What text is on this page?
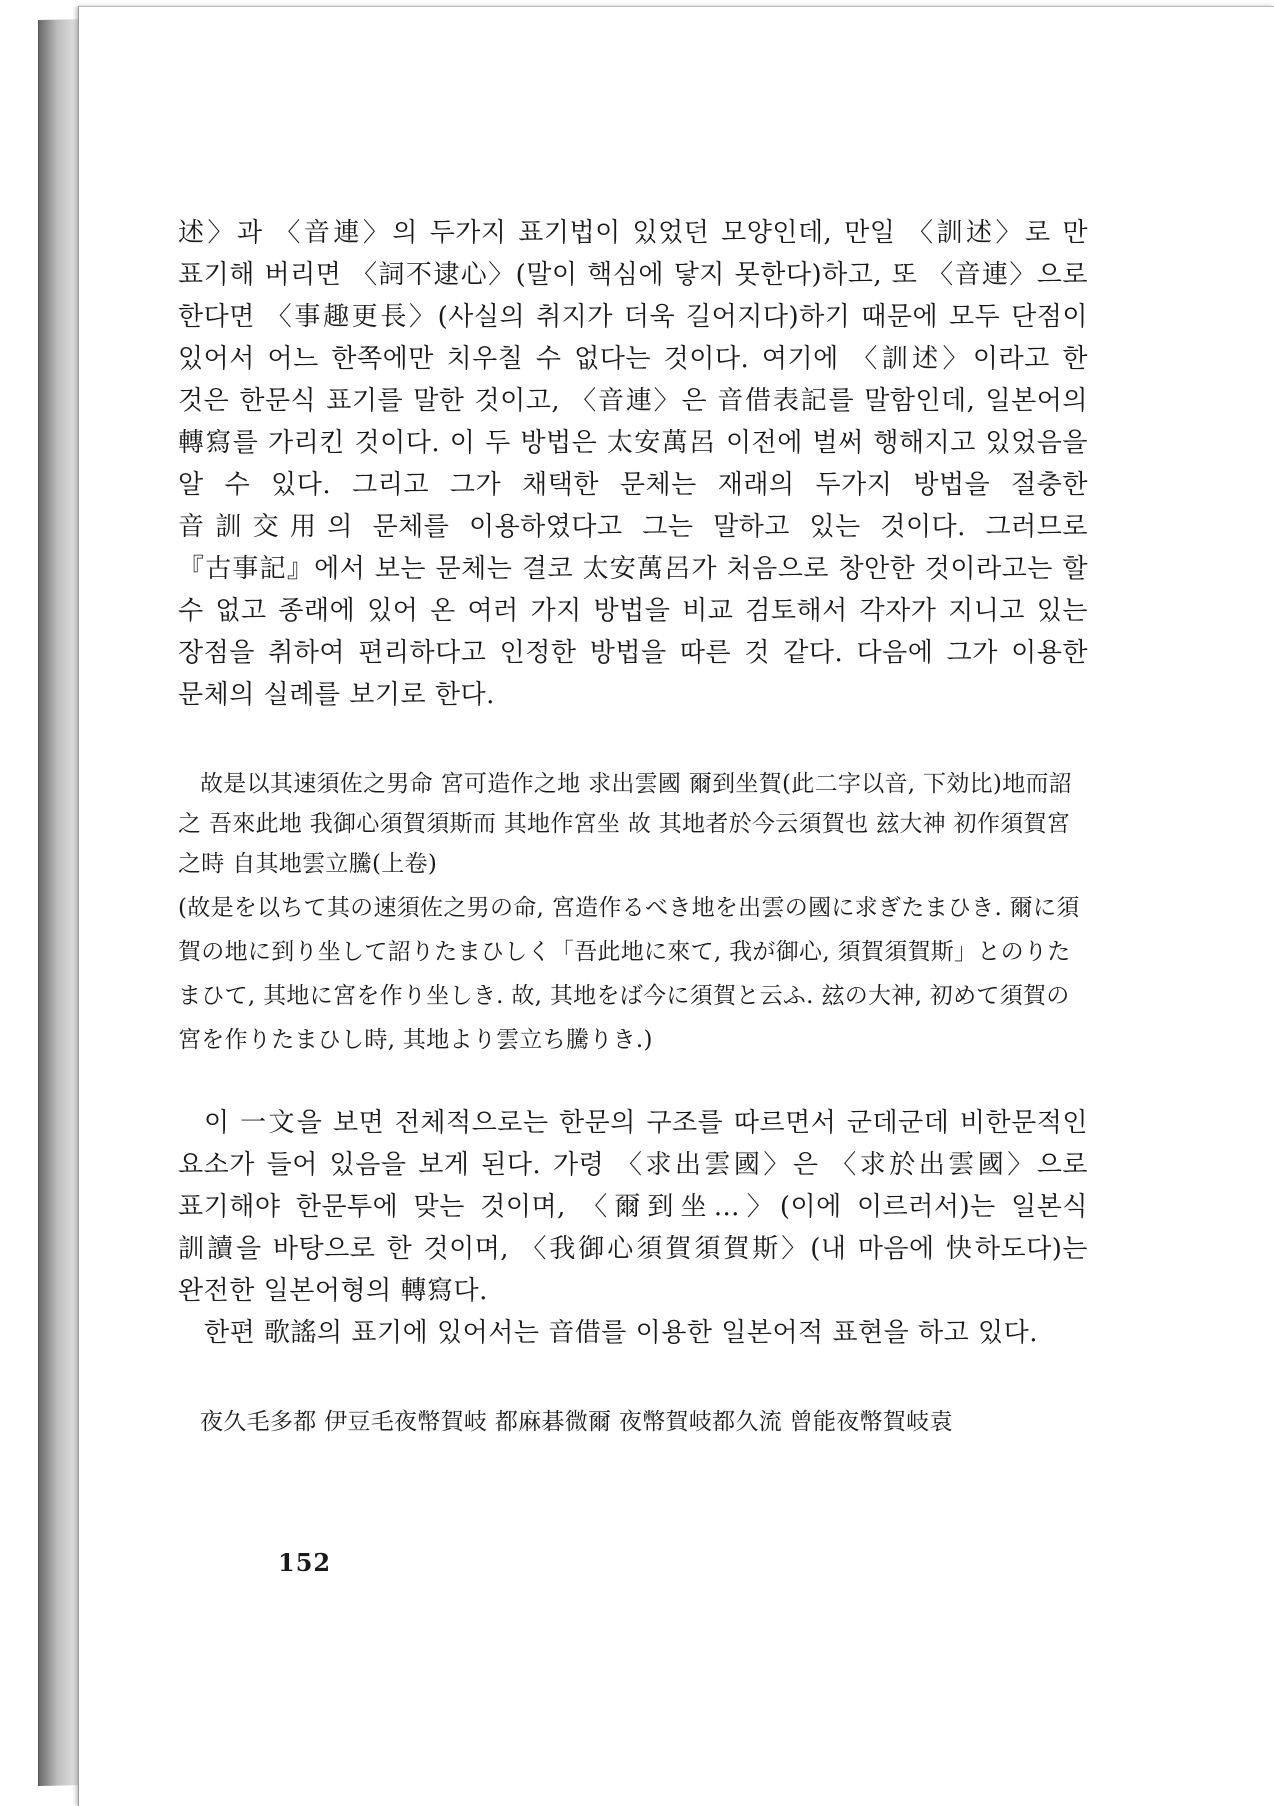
述〉과 〈音連〉의 두가지 표기법이 있었던 모양인데, 만일 〈訓述〉로 만 표기해 버리면 〈詞不逮心〉(말이 핵심에 닿지 못한다)하고, 또 〈音連〉으로 한다면 〈事趣更長〉(사실의 취지가 더욱 길어지다)하기 때문에 모두 단점이 있어서 어느 한쪽에만 치우칠 수 없다는 것이다. 여기에 〈訓述〉이라고 한 것은 한문식 표기를 말한 것이고, 〈音連〉은 音借表記를 말함인데, 일본어의 轉寫를 가리킨 것이다. 이 두 방법은 太安萬呂 이전에 벌써 행해지고 있었음을 알 수 있다. 그리고 그가 채택한 문체는 재래의 두가지 방법을 절충한 音訓交用의 문체를 이용하였다고 그는 말하고 있는 것이다. 그러므로 『古事記』에서 보는 문체는 결코 太安萬呂가 처음으로 창안한 것이라고는 할 수 없고 종래에 있어 온 여러 가지 방법을 비교 검토해서 각자가 지니고 있는 장점을 취하여 편리하다고 인정한 방법을 따른 것 같다. 다음에 그가 이용한 문체의 실례를 보기로 한다.

故是以其速須佐之男命 宮可造作之地 求出雲國 爾到坐賀(此二字以音, 下効比)地而詔之 吾來此地 我御心須賀須斯而 其地作宮坐 故 其地者於今云須賀也 玆大神 初作須賀宮之時 自其地雲立騰(上卷)

(故是を以ちて其の速須佐之男の命, 宮造作るべき地を出雲の國に求ぎたまひき. 爾に須賀の地に到り坐して詔りたまひしく「吾此地に來て, 我が御心, 須賀須賀斯」とのりたまひて, 其地に宮を作り坐しき. 故, 其地をば今に須賀と云ふ. 玆の大神, 初めて須賀の宮を作りたまひし時, 其地より雲立ち騰りき.)

이 一文을 보면 전체적으로는 한문의 구조를 따르면서 군데군데 비한문적인 요소가 들어 있음을 보게 된다. 가령 〈求出雲國〉은 〈求於出雲國〉으로 표기해야 한문투에 맞는 것이며, 〈爾到坐…〉(이에 이르러서)는 일본식 訓讀을 바탕으로 한 것이며, 〈我御心須賀須賀斯〉(내 마음에 快하도다)는 완전한 일본어형의 轉寫다.

한편 歌謠의 표기에 있어서는 音借를 이용한 일본어적 표현을 하고 있다.

夜久毛多都 伊豆毛夜幣賀岐 都麻碁微爾 夜幣賀岐都久流 曾能夜幣賀岐袁

152
